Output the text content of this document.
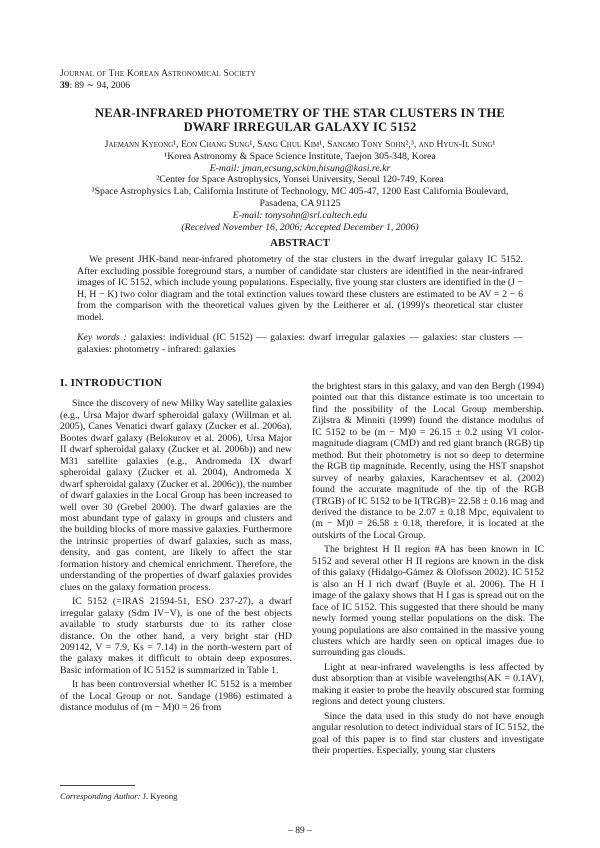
Journal of The Korean Astronomical Society
39: 89 ∼ 94, 2006
NEAR-INFRARED PHOTOMETRY OF THE STAR CLUSTERS IN THE
DWARF IRREGULAR GALAXY IC 5152
Jaemann Kyeong¹, Eon Chang Sung¹, Sang Chul Kim¹, Sangmo Tony Sohn²,³, and Hyun-Il Sung¹
¹Korea Astronomy & Space Science Institute, Taejon 305-348, Korea
E-mail: jman,ecsung,sckim,hisung@kasi.re.kr
²Center for Space Astrophysics, Yonsei University, Seoul 120-749, Korea
³Space Astrophysics Lab, California Institute of Technology, MC 405-47, 1200 East California Boulevard,
Pasadena, CA 91125
E-mail: tonysohn@srl.caltech.edu
(Received November 16, 2006; Accepted December 1, 2006)
ABSTRACT

We present JHK-band near-infrared photometry of the star clusters in the dwarf irregular galaxy IC 5152. After excluding possible foreground stars, a number of candidate star clusters are identified in the near-infrared images of IC 5152, which include young populations. Especially, five young star clusters are identified in the (J − H, H − K) two color diagram and the total extinction values toward these clusters are estimated to be AV = 2 − 6 from the comparison with the theoretical values given by the Leitherer et al. (1999)'s theoretical star cluster model.

Key words : galaxies: individual (IC 5152) — galaxies: dwarf irregular galaxies — galaxies: star clusters — galaxies: photometry - infrared: galaxies

I. INTRODUCTION

Since the discovery of new Milky Way satellite galaxies (e.g., Ursa Major dwarf spheroidal galaxy (Willman et al. 2005), Canes Venatici dwarf galaxy (Zucker et al. 2006a), Bootes dwarf galaxy (Belokurov et al. 2006), Ursa Major II dwarf spheroidal galaxy (Zucker et al. 2006b)) and new M31 satellite galaxies (e.g., Andromeda IX dwarf spheroidal galaxy (Zucker et al. 2004), Andromeda X dwarf spheroidal galaxy (Zucker et al. 2006c)), the number of dwarf galaxies in the Local Group has been increased to well over 30 (Grebel 2000). The dwarf galaxies are the most abundant type of galaxy in groups and clusters and the building blocks of more massive galaxies. Furthermore the intrinsic properties of dwarf galaxies, such as mass, density, and gas content, are likely to affect the star formation history and chemical enrichment. Therefore, the understanding of the properties of dwarf galaxies provides clues on the galaxy formation process.

IC 5152 (=IRAS 21594-51, ESO 237-27), a dwarf irregular galaxy (Sdm IV−V), is one of the best objects available to study starbursts due to its rather close distance. On the other hand, a very bright star (HD 209142, V = 7.9, Ks = 7.14) in the north-western part of the galaxy makes it difficult to obtain deep exposures. Basic information of IC 5152 is summarized in Table 1.

It has been controversial whether IC 5152 is a member of the Local Group or not. Sandage (1986) estimated a distance modulus of (m − M)0 = 26 from

the brightest stars in this galaxy, and van den Bergh (1994) pointed out that this distance estimate is too uncertain to find the possibility of the Local Group membership. Zijlstra & Minniti (1999) found the distance modulus of IC 5152 to be (m − M)0 = 26.15 ± 0.2 using VI color-magnitude diagram (CMD) and red giant branch (RGB) tip method. But their photometry is not so deep to determine the RGB tip magnitude. Recently, using the HST snapshot survey of nearby galaxies, Karachentsev et al. (2002) found the accurate magnitude of the tip of the RGB (TRGB) of IC 5152 to be I(TRGB)= 22.58 ± 0.16 mag and derived the distance to be 2.07 ± 0.18 Mpc, equivalent to (m − M)0 = 26.58 ± 0.18, therefore, it is located at the outskirts of the Local Group.

The brightest H II region #A has been known in IC 5152 and several other H II regions are known in the disk of this galaxy (Hidalgo-Gámez & Olofsson 2002). IC 5152 is also an H I rich dwarf (Buyle et al. 2006). The H I image of the galaxy shows that H I gas is spread out on the face of IC 5152. This suggested that there should be many newly formed young stellar populations on the disk. The young populations are also contained in the massive young clusters which are hardly seen on optical images due to surrounding gas clouds.

Light at near-infrared wavelengths is less affected by dust absorption than at visible wavelengths(AK = 0.1AV), making it easier to probe the heavily obscured star forming regions and detect young clusters.

Since the data used in this study do not have enough angular resolution to detect individual stars of IC 5152, the goal of this paper is to find star clusters and investigate their properties. Especially, young star clusters

Corresponding Author: J. Kyeong
– 89 –
